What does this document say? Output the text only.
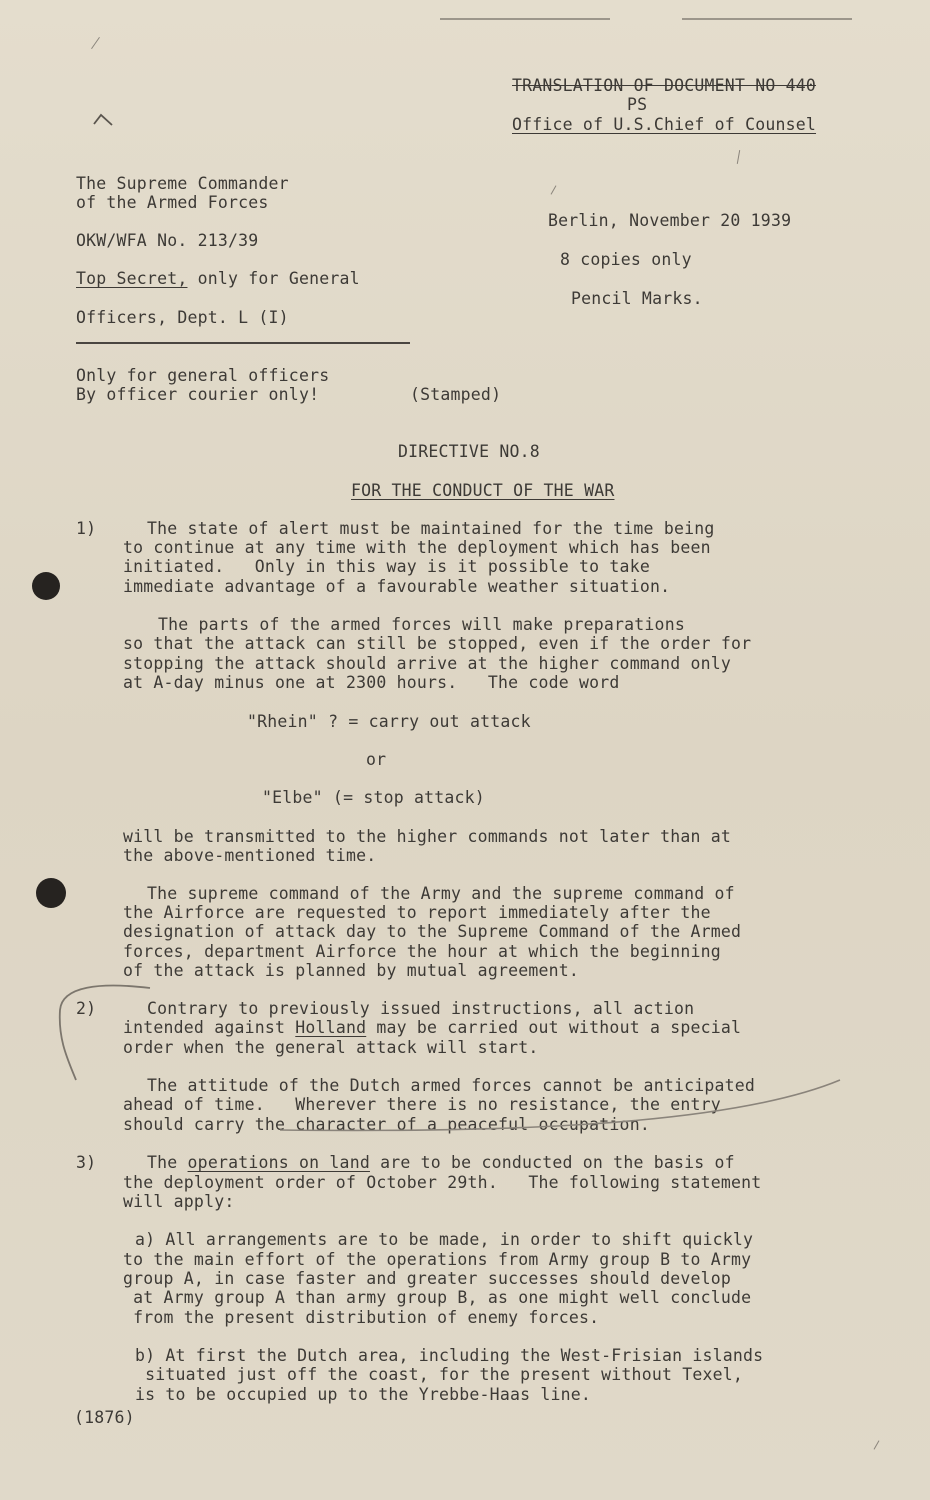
TRANSLATION OF DOCUMENT NO 440
PS
Office of U.S.Chief of Counsel
The Supreme Commander
of the Armed Forces
OKW/WFA No. 213/39
Top Secret, only for General
Officers, Dept. L (I)
Berlin, November 20 1939
8 copies only
Pencil Marks.
Only for general officers
By officer courier only!	(Stamped)
DIRECTIVE NO.8
FOR THE CONDUCT OF THE WAR
1)	The state of alert must be maintained for the time being
to continue at any time with the deployment which has been
initiated.   Only in this way is it possible to take
immediate advantage of a favourable weather situation.
The parts of the armed forces will make preparations
so that the attack can still be stopped, even if the order for
stopping the attack should arrive at the higher command only
at A-day minus one at 2300 hours.   The code word
"Rhein" ? = carry out attack
or
"Elbe" (= stop attack)
will be transmitted to the higher commands not later than at
the above-mentioned time.
The supreme command of the Army and the supreme command of
the Airforce are requested to report immediately after the
designation of attack day to the Supreme Command of the Armed
forces, department Airforce the hour at which the beginning
of the attack is planned by mutual agreement.
2)	Contrary to previously issued instructions, all action
intended against Holland may be carried out without a special
order when the general attack will start.
The attitude of the Dutch armed forces cannot be anticipated
ahead of time.   Wherever there is no resistance, the entry
should carry the character of a peaceful occupation.
3)	The operations on land are to be conducted on the basis of
the deployment order of October 29th.   The following statement
will apply:
a) All arrangements are to be made, in order to shift quickly
to the main effort of the operations from Army group B to Army
group A, in case faster and greater successes should develop
at Army group A than army group B, as one might well conclude
from the present distribution of enemy forces.
b) At first the Dutch area, including the West-Frisian islands
situated just off the coast, for the present without Texel,
is to be occupied up to the Yrebbe-Haas line.
(1876)
